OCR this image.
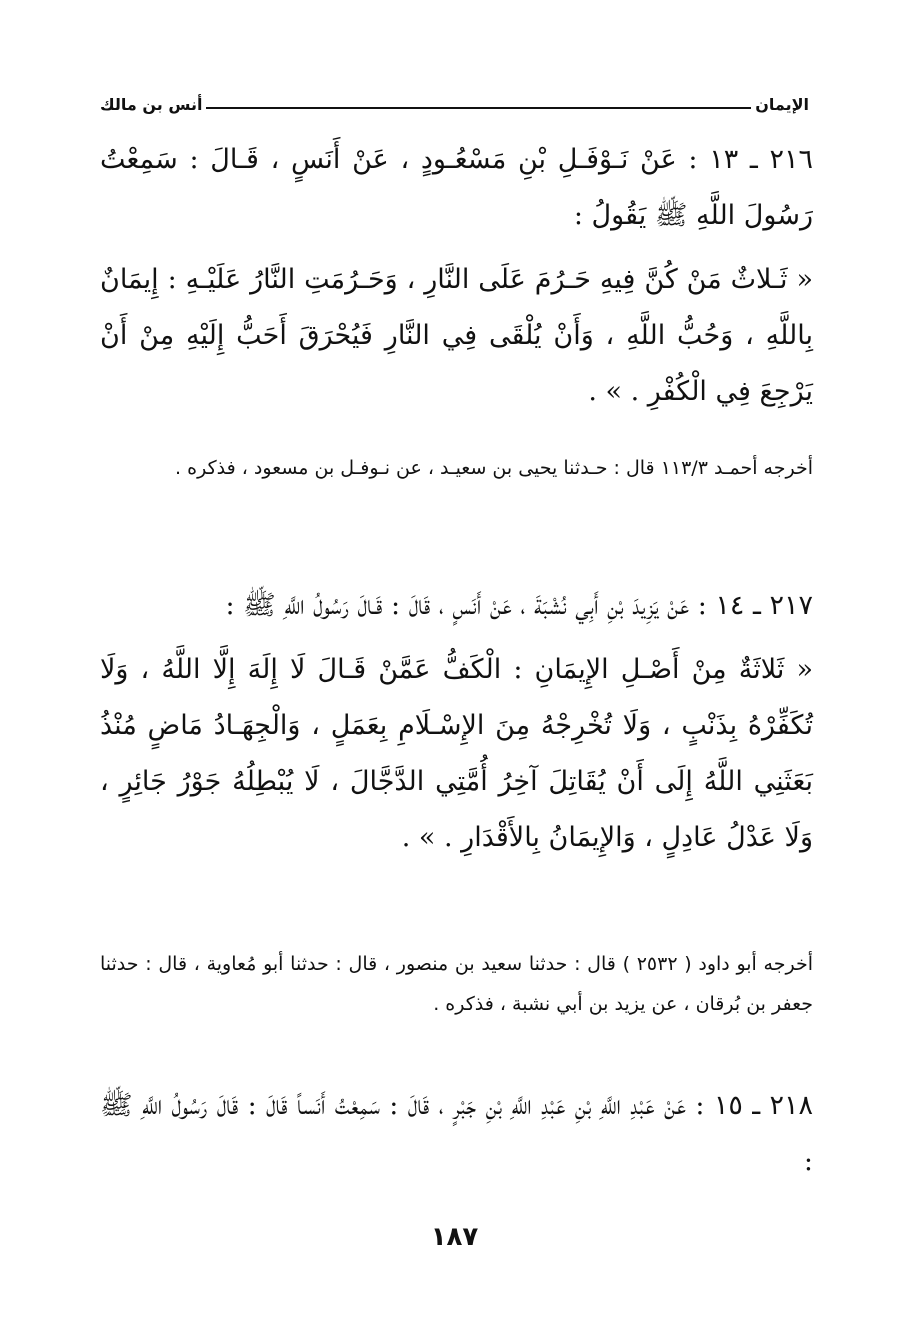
الإيمان
أنس بن مالك

٢١٦ ـ ١٣ : عَنْ نَـوْفَـلِ بْنِ مَسْعُـودٍ ، عَنْ أَنَسٍ ، قَـالَ : سَمِعْتُ رَسُولَ اللَّهِ ﷺ يَقُولُ :

« ثَـلاثٌ مَنْ كُنَّ فِيهِ حَـرُمَ عَلَى النَّارِ ، وَحَـرُمَتِ النَّارُ عَلَيْـهِ : إِيمَانٌ بِاللَّهِ ، وَحُبُّ اللَّهِ ، وَأَنْ يُلْقَى فِي النَّارِ فَيُحْرَقَ أَحَبُّ إِلَيْهِ مِنْ أَنْ يَرْجِعَ فِي الْكُفْرِ . » .

أخرجه أحمـد ١١٣/٣ قال : حـدثنا يحيى بن سعيـد ، عن نـوفـل بن مسعود ، فذكره .

٢١٧ ـ ١٤ : عَنْ يَزِيدَ بْنِ أَبِي نُشْبَةَ ، عَنْ أَنَسٍ ، قَالَ : قَـالَ رَسُولُ اللَّهِ ﷺ :

« ثَلاثَةٌ مِنْ أَصْـلِ الإِيمَانِ : الْكَفُّ عَمَّنْ قَـالَ لَا إِلَهَ إِلَّا اللَّهُ ، وَلَا تُكَفِّرْهُ بِذَنْبٍ ، وَلَا تُخْرِجْهُ مِنَ الإِسْـلَامِ بِعَمَلٍ ، وَالْجِهَـادُ مَاضٍ مُنْذُ بَعَثَنِي اللَّهُ إِلَى أَنْ يُقَاتِلَ آخِرُ أُمَّتِي الدَّجَّالَ ، لَا يُبْطِلُهُ جَوْرُ جَائِرٍ ، وَلَا عَدْلُ عَادِلٍ ، وَالإِيمَانُ بِالأَقْدَارِ . » .

أخرجه أبو داود ( ٢٥٣٢ ) قال : حدثنا سعيد بن منصور ، قال : حدثنا أبو مُعاوية ، قال : حدثنا جعفر بن بُرقان ، عن يزيد بن أبي نشبة ، فذكره .

٢١٨ ـ ١٥ : عَنْ عَبْدِ اللَّهِ بْنِ عَبْدِ اللَّهِ بْنِ جَبْرٍ ، قَالَ : سَمِعْتُ أَنَساً قَالَ : قَالَ رَسُولُ اللَّهِ ﷺ :

١٨٧
